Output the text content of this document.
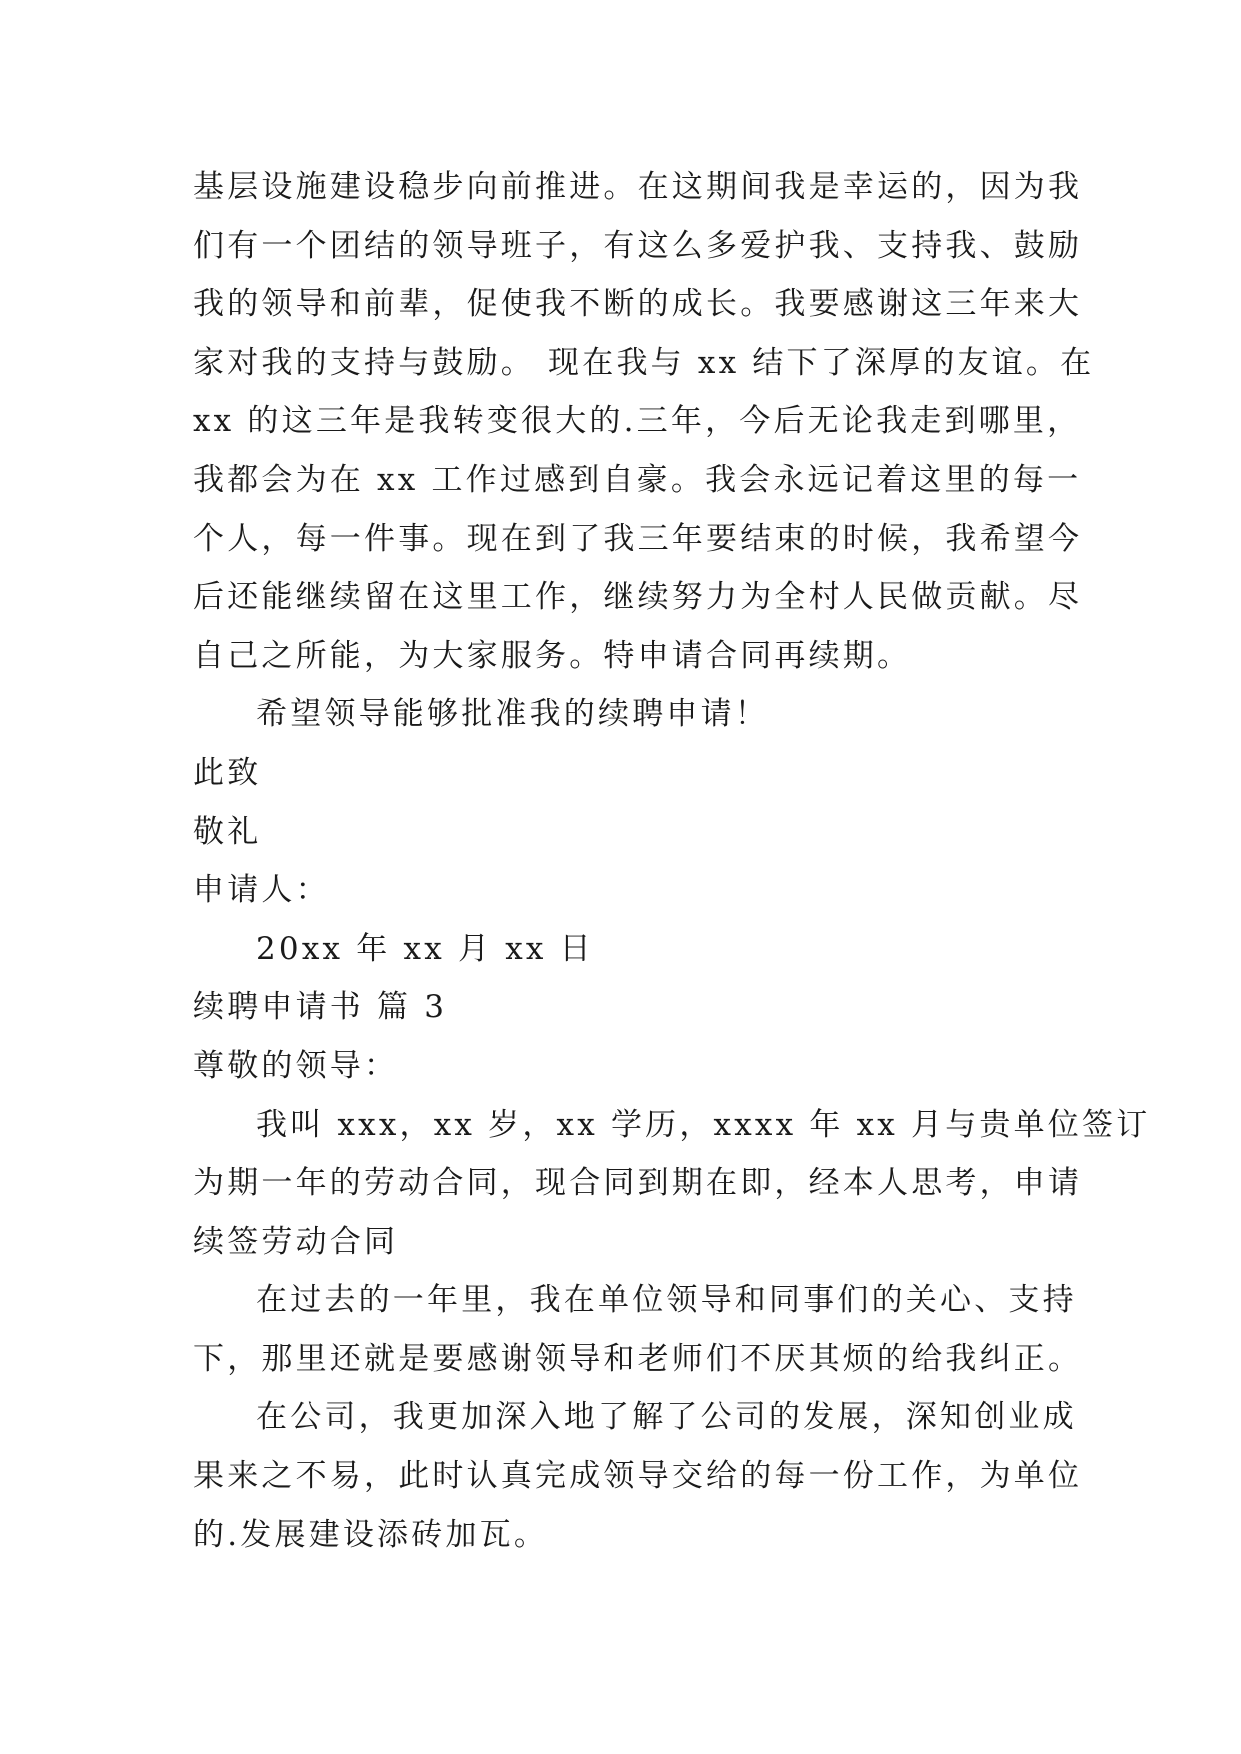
基层设施建设稳步向前推进。在这期间我是幸运的，因为我
们有一个团结的领导班子，有这么多爱护我、支持我、鼓励
我的领导和前辈，促使我不断的成长。我要感谢这三年来大
家对我的支持与鼓励。 现在我与 xx 结下了深厚的友谊。在
xx 的这三年是我转变很大的.三年，今后无论我走到哪里，
我都会为在 xx 工作过感到自豪。我会永远记着这里的每一
个人，每一件事。现在到了我三年要结束的时候，我希望今
后还能继续留在这里工作，继续努力为全村人民做贡献。尽
自己之所能，为大家服务。特申请合同再续期。
希望领导能够批准我的续聘申请！
此致
敬礼
申请人：
20xx 年 xx 月 xx 日
续聘申请书 篇 3
尊敬的领导：
我叫 xxx，xx 岁，xx 学历，xxxx 年 xx 月与贵单位签订
为期一年的劳动合同，现合同到期在即，经本人思考，申请
续签劳动合同
在过去的一年里，我在单位领导和同事们的关心、支持
下，那里还就是要感谢领导和老师们不厌其烦的给我纠正。
在公司，我更加深入地了解了公司的发展，深知创业成
果来之不易，此时认真完成领导交给的每一份工作，为单位
的.发展建设添砖加瓦。
